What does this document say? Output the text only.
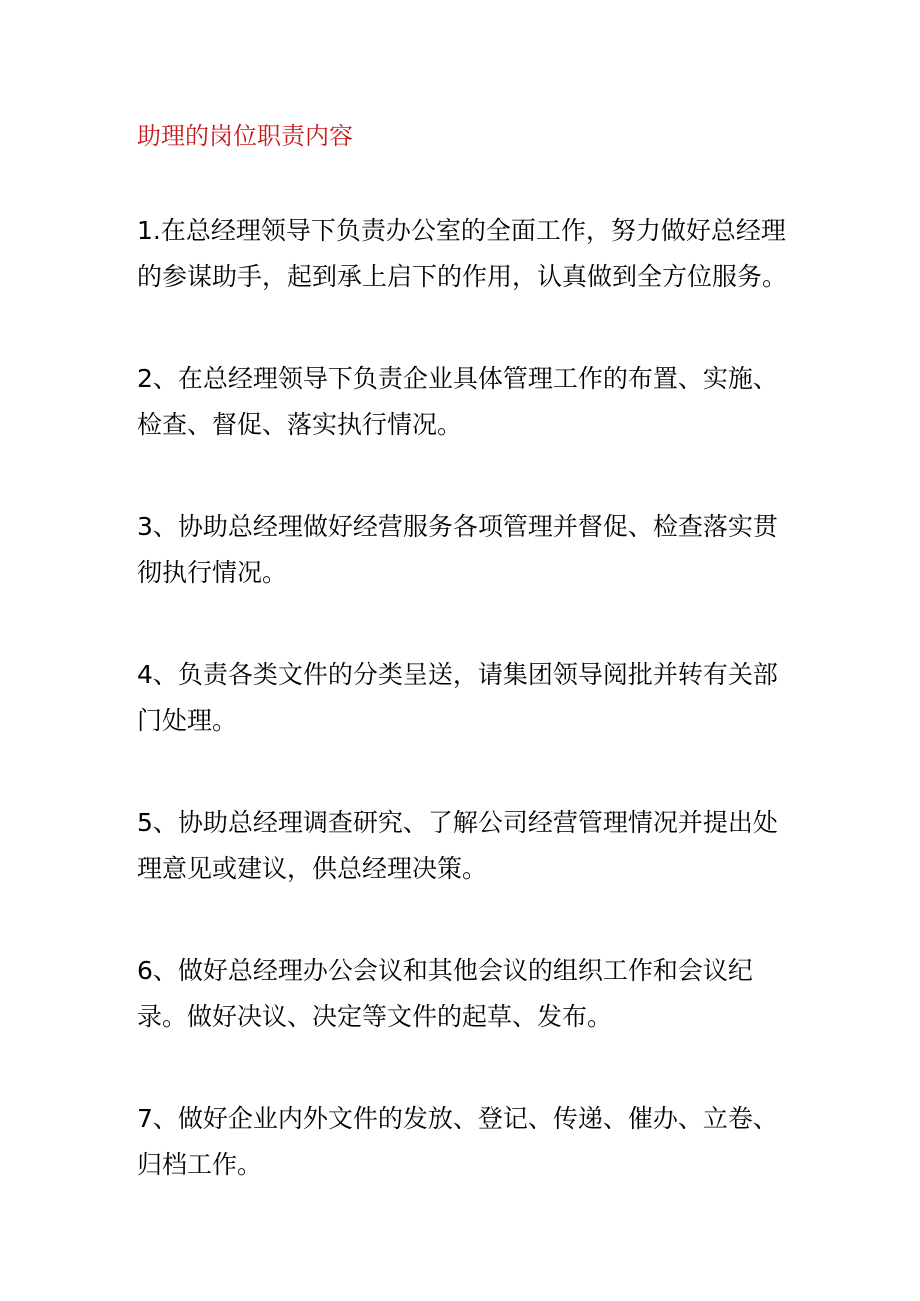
助理的岗位职责内容

1.在总经理领导下负责办公室的全面工作，努力做好总经理的参谋助手，起到承上启下的作用，认真做到全方位服务。

2、在总经理领导下负责企业具体管理工作的布置、实施、检查、督促、落实执行情况。

3、协助总经理做好经营服务各项管理并督促、检查落实贯彻执行情况。

4、负责各类文件的分类呈送，请集团领导阅批并转有关部门处理。

5、协助总经理调查研究、了解公司经营管理情况并提出处理意见或建议，供总经理决策。

6、做好总经理办公会议和其他会议的组织工作和会议纪录。做好决议、决定等文件的起草、发布。

7、做好企业内外文件的发放、登记、传递、催办、立卷、归档工作。
